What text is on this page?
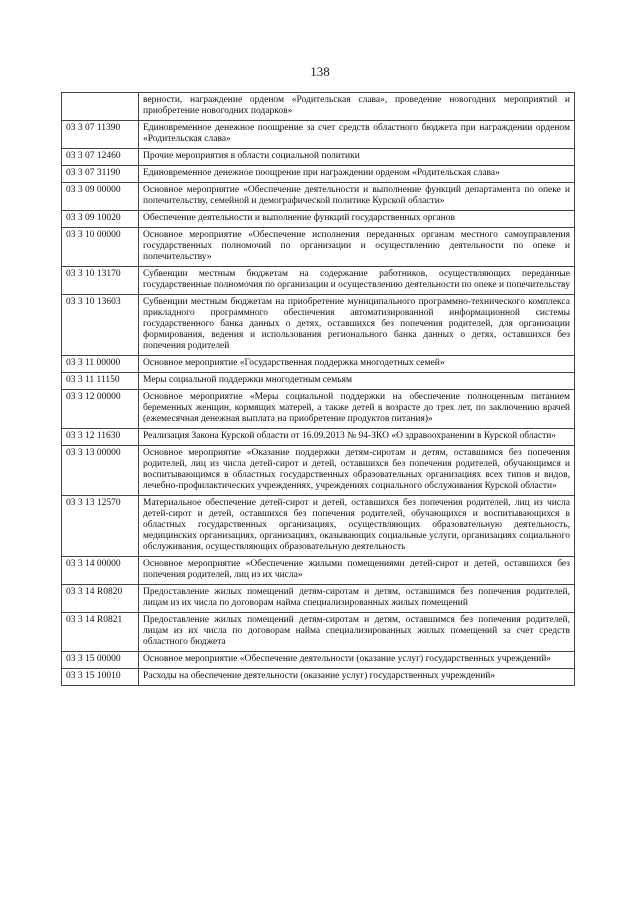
138
	верности, награждение орденом «Родительская слава», проведение новогодних мероприятий и приобретение новогодних подарков»
03 3 07 11390	Единовременное денежное поощрение за счет средств областного бюджета при награждении орденом «Родительская слава»
03 3 07 12460	Прочие мероприятия в области социальной политики
03 3 07 31190	Единовременное денежное поощрение при награждении орденом «Родительская слава»
03 3 09 00000	Основное мероприятие «Обеспечение деятельности и выполнение функций департамента по опеке и попечительству, семейной и демографической политике Курской области»
03 3 09 10020	Обеспечение деятельности и выполнение функций государственных органов
03 3 10 00000	Основное мероприятие «Обеспечение исполнения переданных органам местного самоуправления государственных полномочий по организации и осуществлению деятельности по опеке и попечительству»
03 3 10 13170	Субвенции местным бюджетам на содержание работников, осуществляющих переданные государственные полномочия по организации и осуществлению деятельности по опеке и попечительству
03 3 10 13603	Субвенции местным бюджетам на приобретение муниципального программно-технического комплекса прикладного программного обеспечения автоматизированной информационной системы государственного банка данных о детях, оставшихся без попечения родителей, для организации формирования, ведения и использования регионального банка данных о детях, оставшихся без попечения родителей
03 3 11 00000	Основное мероприятие «Государственная поддержка многодетных семей»
03 3 11 11150	Меры социальной поддержки многодетным семьям
03 3 12 00000	Основное мероприятие «Меры социальной поддержки на обеспечение полноценным питанием беременных женщин, кормящих матерей, а также детей в возрасте до трех лет, по заключению врачей (ежемесячная денежная выплата на приобретение продуктов питания)»
03 3 12 11630	Реализация Закона Курской области от 16.09.2013 № 94-ЗКО «О здравоохранении в Курской области»
03 3 13 00000	Основное мероприятие «Оказание поддержки детям-сиротам и детям, оставшимся без попечения родителей, лиц из числа детей-сирот и детей, оставшихся без попечения родителей, обучающимся и воспитывающимся в областных государственных образовательных организациях всех типов и видов, лечебно-профилактических учреждениях, учреждениях социального обслуживания Курской области»
03 3 13 12570	Материальное обеспечение детей-сирот и детей, оставшихся без попечения родителей, лиц из числа детей-сирот и детей, оставшихся без попечения родителей, обучающихся и воспитывающихся в областных государственных организациях, осуществляющих образовательную деятельность, медицинских организациях, организациях, оказывающих социальные услуги, организациях социального обслуживания, осуществляющих образовательную деятельность
03 3 14 00000	Основное мероприятие «Обеспечение жилыми помещениями детей-сирот и детей, оставшихся без попечения родителей, лиц из их числа»
03 3 14 R0820	Предоставление жилых помещений детям-сиротам и детям, оставшимся без попечения родителей, лицам из их числа по договорам найма специализированных жилых помещений
03 3 14 R0821	Предоставление жилых помещений детям-сиротам и детям, оставшимся без попечения родителей, лицам из их числа по договорам найма специализированных жилых помещений за счет средств областного бюджета
03 3 15 00000	Основное мероприятие «Обеспечение деятельности (оказание услуг) государственных учреждений»
03 3 15 10010	Расходы на обеспечение деятельности (оказание услуг) государственных учреждений»
